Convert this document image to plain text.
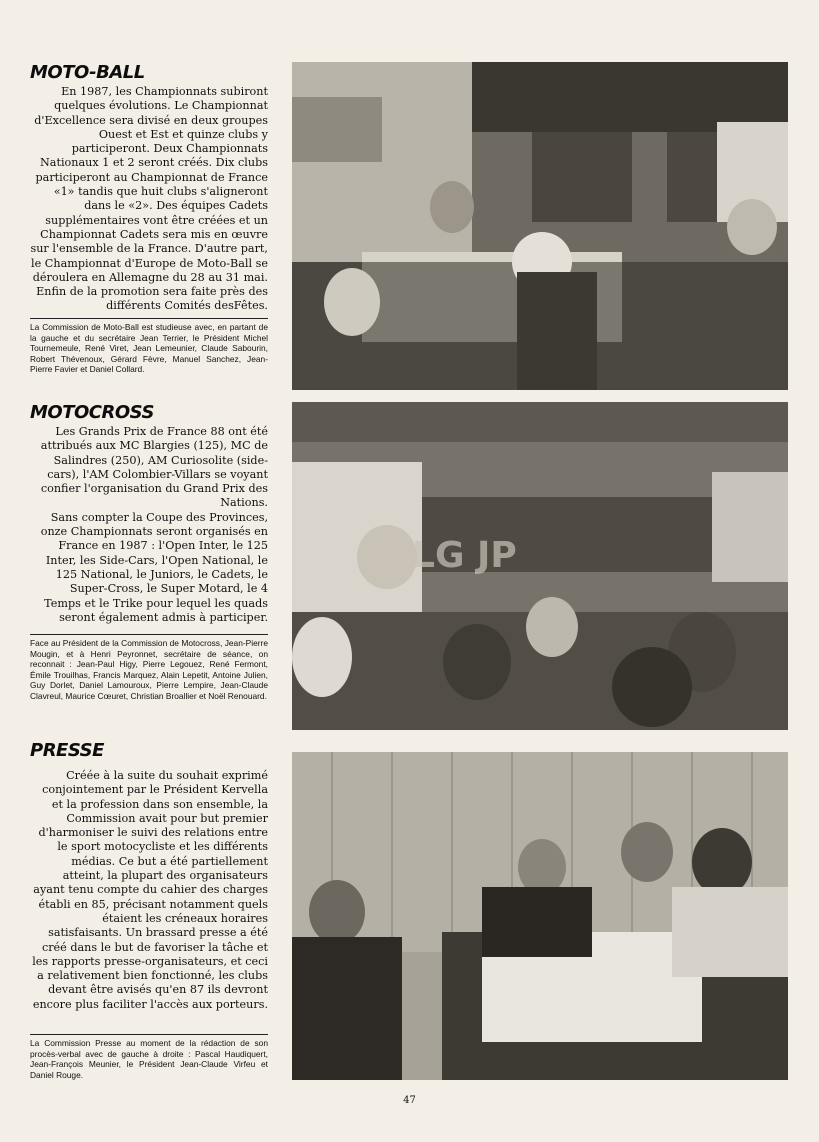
MOTO-BALL

En 1987, les Championnats subiront quelques évolutions. Le Championnat d'Excellence sera divisé en deux groupes Ouest et Est et quinze clubs y participeront. Deux Championnats Nationaux 1 et 2 seront créés. Dix clubs participeront au Championnat de France «1» tandis que huit clubs s'aligneront dans le «2». Des équipes Cadets supplémentaires vont être créées et un Championnat Cadets sera mis en œuvre sur l'ensemble de la France. D'autre part, le Championnat d'Europe de Moto-Ball se déroulera en Allemagne du 28 au 31 mai.

Enfin de la promotion sera faite près des différents Comités desFêtes.

La Commission de Moto-Ball est studieuse avec, en partant de la gauche et du secrétaire Jean Terrier, le Président Michel Tournemeule, René Viret, Jean Lemeunier, Claude Sabourin, Robert Thévenoux, Gérard Fèvre, Manuel Sanchez, Jean-Pierre Favier et Daniel Collard.
MOTOCROSS

Les Grands Prix de France 88 ont été attribués aux MC Blargies (125), MC de Salindres (250), AM Curiosolite (side-cars), l'AM Colombier-Villars se voyant confier l'organisation du Grand Prix des Nations.

Sans compter la Coupe des Provinces, onze Championnats seront organisés en France en 1987 : l'Open Inter, le 125 Inter, les Side-Cars, l'Open National, le 125 National, le Juniors, le Cadets, le Super-Cross, le Super Motard, le 4 Temps et le Trike pour lequel les quads seront également admis à participer.

Face au Président de la Commission de Motocross, Jean-Pierre Mougin, et à Henri Peyronnet, secrétaire de séance, on reconnait : Jean-Paul Higy, Pierre Legouez, René Fermont, Émile Trouilhas, Francis Marquez, Alain Lepetit, Antoine Julien, Guy Dorlet, Daniel Lamouroux, Pierre Lempire, Jean-Claude Clavreul, Maurice Cœuret, Christian Broallier et Noël Renouard.
LG JP
PRESSE

Créée à la suite du souhait exprimé conjointement par le Président Kervella et la profession dans son ensemble, la Commission avait pour but premier d'harmoniser le suivi des relations entre le sport motocycliste et les différents médias. Ce but a été partiellement atteint, la plupart des organisateurs ayant tenu compte du cahier des charges établi en 85, précisant notamment quels étaient les créneaux horaires satisfaisants. Un brassard presse a été créé dans le but de favoriser la tâche et les rapports presse-organisateurs, et ceci a relativement bien fonctionné, les clubs devant être avisés qu'en 87 ils devront encore plus faciliter l'accès aux porteurs.

La Commission Presse au moment de la rédaction de son procès-verbal avec de gauche à droite : Pascal Haudiquert, Jean-François Meunier, le Président Jean-Claude Virfeu et Daniel Rouge.
47
